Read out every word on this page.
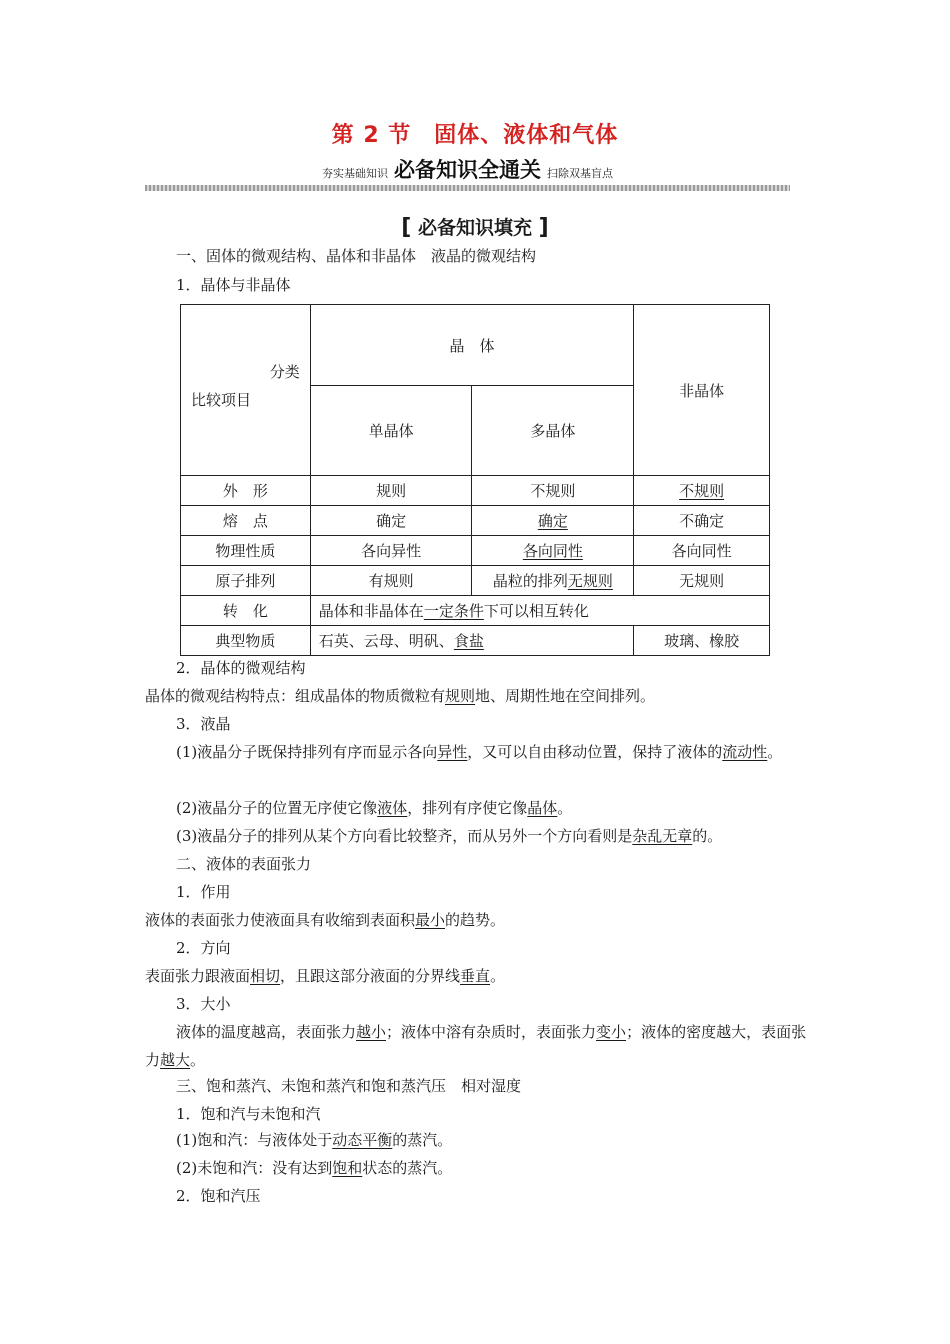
第 2 节　固体、液体和气体
夯实基础知识 必备知识全通关 扫除双基盲点
[ 必备知识填充 ]
一、固体的微观结构、晶体和非晶体　液晶的微观结构
1．晶体与非晶体
分类
比较项目	晶　体		非晶体
	单晶体	多晶体	
外　形	规则	不规则	不规则
熔　点	确定	确定	不确定
物理性质	各向异性	各向同性	各向同性
原子排列	有规则	晶粒的排列无规则	无规则
转　化	晶体和非晶体在一定条件下可以相互转化		
典型物质	石英、云母、明矾、食盐		玻璃、橡胶
2．晶体的微观结构
晶体的微观结构特点：组成晶体的物质微粒有规则地、周期性地在空间排列。
3．液晶
(1)液晶分子既保持排列有序而显示各向异性，又可以自由移动位置，保持了液体的流动性。
(2)液晶分子的位置无序使它像液体，排列有序使它像晶体。
(3)液晶分子的排列从某个方向看比较整齐，而从另外一个方向看则是杂乱无章的。
二、液体的表面张力
1．作用
液体的表面张力使液面具有收缩到表面积最小的趋势。
2．方向
表面张力跟液面相切，且跟这部分液面的分界线垂直。
3．大小
液体的温度越高，表面张力越小；液体中溶有杂质时，表面张力变小；液体的密度越大，表面张力越大。
三、饱和蒸汽、未饱和蒸汽和饱和蒸汽压　相对湿度
1．饱和汽与未饱和汽
(1)饱和汽：与液体处于动态平衡的蒸汽。
(2)未饱和汽：没有达到饱和状态的蒸汽。
2．饱和汽压
